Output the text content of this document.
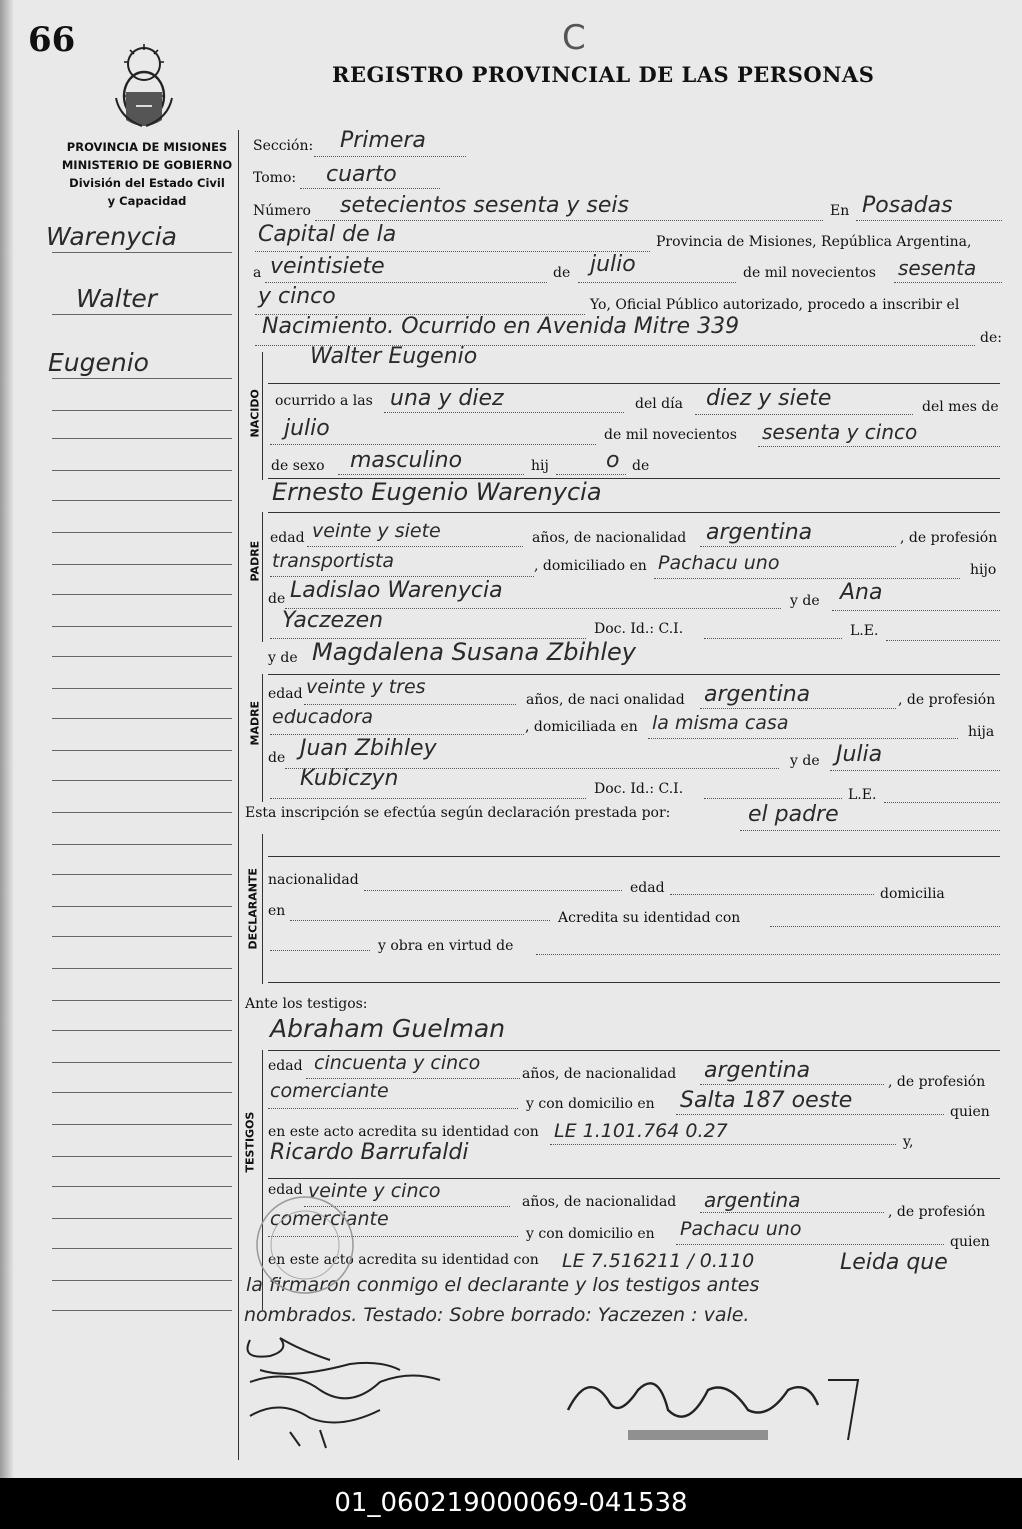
66	C
REGISTRO PROVINCIAL DE LAS PERSONAS
PROVINCIA DE MISIONES
MINISTERIO DE GOBIERNO
División del Estado Civil
y Capacidad
Warenycia
Walter
Eugenio
Sección: Primera
Tomo: cuarto
Número setecientos sesenta y seis	En Posadas
Capital de la	Provincia de Misiones, República Argentina,
a veintisiete	de julio	de mil novecientos sesenta
y cinco	Yo, Oficial Público autorizado, procedo a inscribir el
Nacimiento. Ocurrido en Avenida Mitre 339	de:
NACIDO
Walter Eugenio
ocurrido a las una y diez	del día diez y siete	del mes de
julio	de mil novecientos sesenta y cinco
de sexo masculino	hij	o de
Ernesto Eugenio Warenycia
PADRE
edad veinte y siete	años, de nacionalidad argentina	, de profesión
transportista	, domiciliado en Pachacu uno	hijo
de Ladislao Warenycia	y de Ana
Yaczezen	Doc. Id.: C.I.	L.E.
y de Magdalena Susana Zbihley
MADRE
edad veinte y tres
años, de naci onalidad argentina	, de profesión
educadora	, domiciliada en la misma casa	hija
de Juan Zbihley	y de Julia
Kubiczyn	Doc. Id.: C.I.	L.E.
Esta inscripción se efectúa según declaración prestada por:	el padre
DECLARANTE nacionalidad	edad	domicilia
en	Acredita su identidad con
y obra en virtud de
Ante los testigos:
Abraham Guelman
TESTIGOS
edad cincuenta y cinco	años, de nacionalidad argentina	, de profesión
comerciante
y con domicilio en Salta 187 oeste	quien
en este acto acredita su identidad con LE 1.101.764 0.27	y,
Ricardo Barrufaldi
edad veinte y cinco	años, de nacionalidad argentina	, de profesión
comerciante
y con domicilio en Pachacu uno
quien
en este acto acredita su identidad con LE 7.516211 / 0.110	Leida que
la firmaron conmigo el declarante y los testigos antes
nombrados. Testado: Sobre borrado: Yaczezen : vale.
01_060219000069-041538
